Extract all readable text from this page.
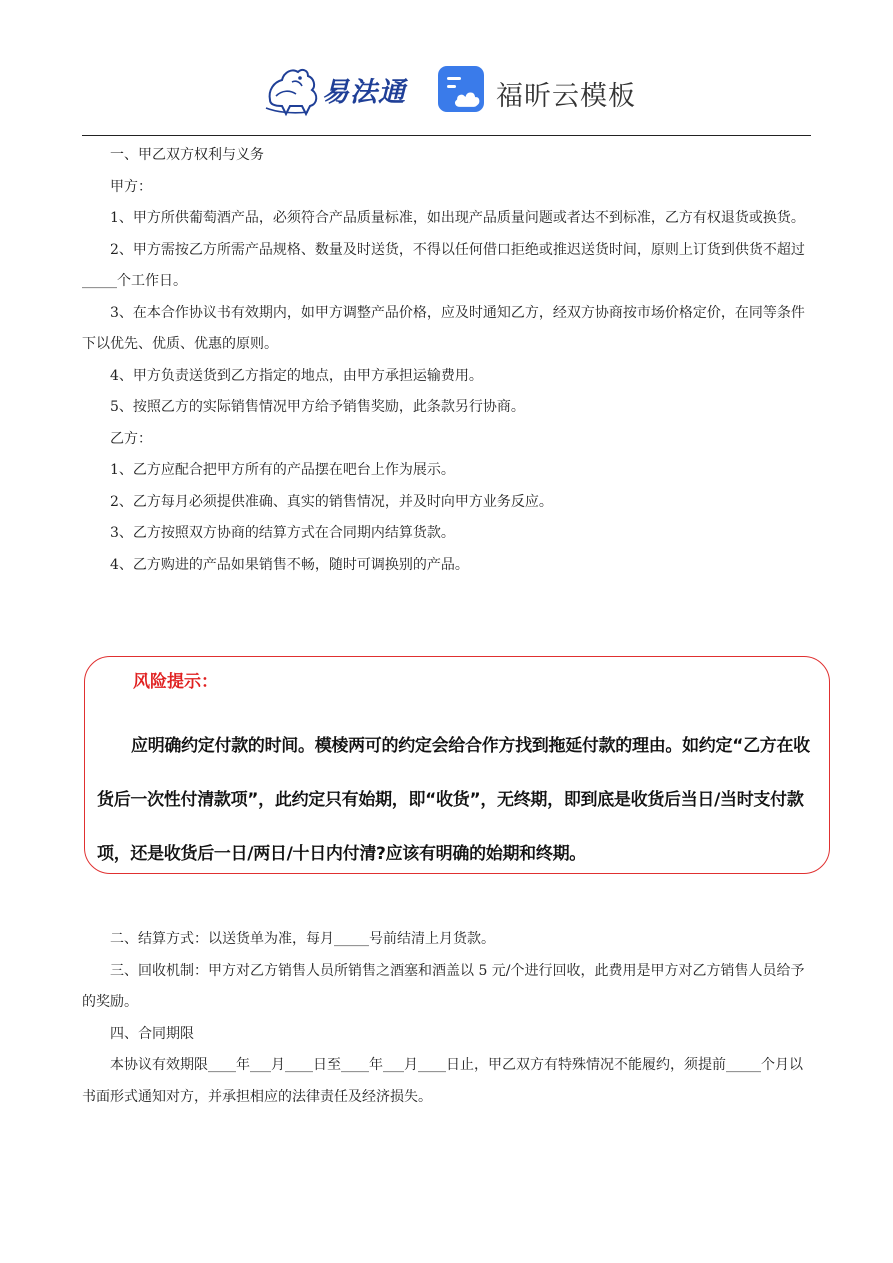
易法通	福昕云模板

一、甲乙双方权利与义务

甲方：

1、甲方所供葡萄酒产品，必须符合产品质量标准，如出现产品质量问题或者达不到标准，乙方有权退货或换货。

2、甲方需按乙方所需产品规格、数量及时送货，不得以任何借口拒绝或推迟送货时间，原则上订货到供货不超过_____个工作日。

3、在本合作协议书有效期内，如甲方调整产品价格，应及时通知乙方，经双方协商按市场价格定价，在同等条件下以优先、优质、优惠的原则。

4、甲方负责送货到乙方指定的地点，由甲方承担运输费用。

5、按照乙方的实际销售情况甲方给予销售奖励，此条款另行协商。

乙方：

1、乙方应配合把甲方所有的产品摆在吧台上作为展示。

2、乙方每月必须提供准确、真实的销售情况，并及时向甲方业务反应。

3、乙方按照双方协商的结算方式在合同期内结算货款。

4、乙方购进的产品如果销售不畅，随时可调换别的产品。

风险提示：
应明确约定付款的时间。模棱两可的约定会给合作方找到拖延付款的理由。如约定“乙方在收货后一次性付清款项”，此约定只有始期，即“收货”，无终期，即到底是收货后当日/当时支付款项，还是收货后一日/两日/十日内付清?应该有明确的始期和终期。

二、结算方式：以送货单为准，每月_____号前结清上月货款。

三、回收机制：甲方对乙方销售人员所销售之酒塞和酒盖以 5 元/个进行回收，此费用是甲方对乙方销售人员给予的奖励。

四、合同期限

本协议有效期限____年___月____日至____年___月____日止，甲乙双方有特殊情况不能履约，须提前_____个月以书面形式通知对方，并承担相应的法律责任及经济损失。
